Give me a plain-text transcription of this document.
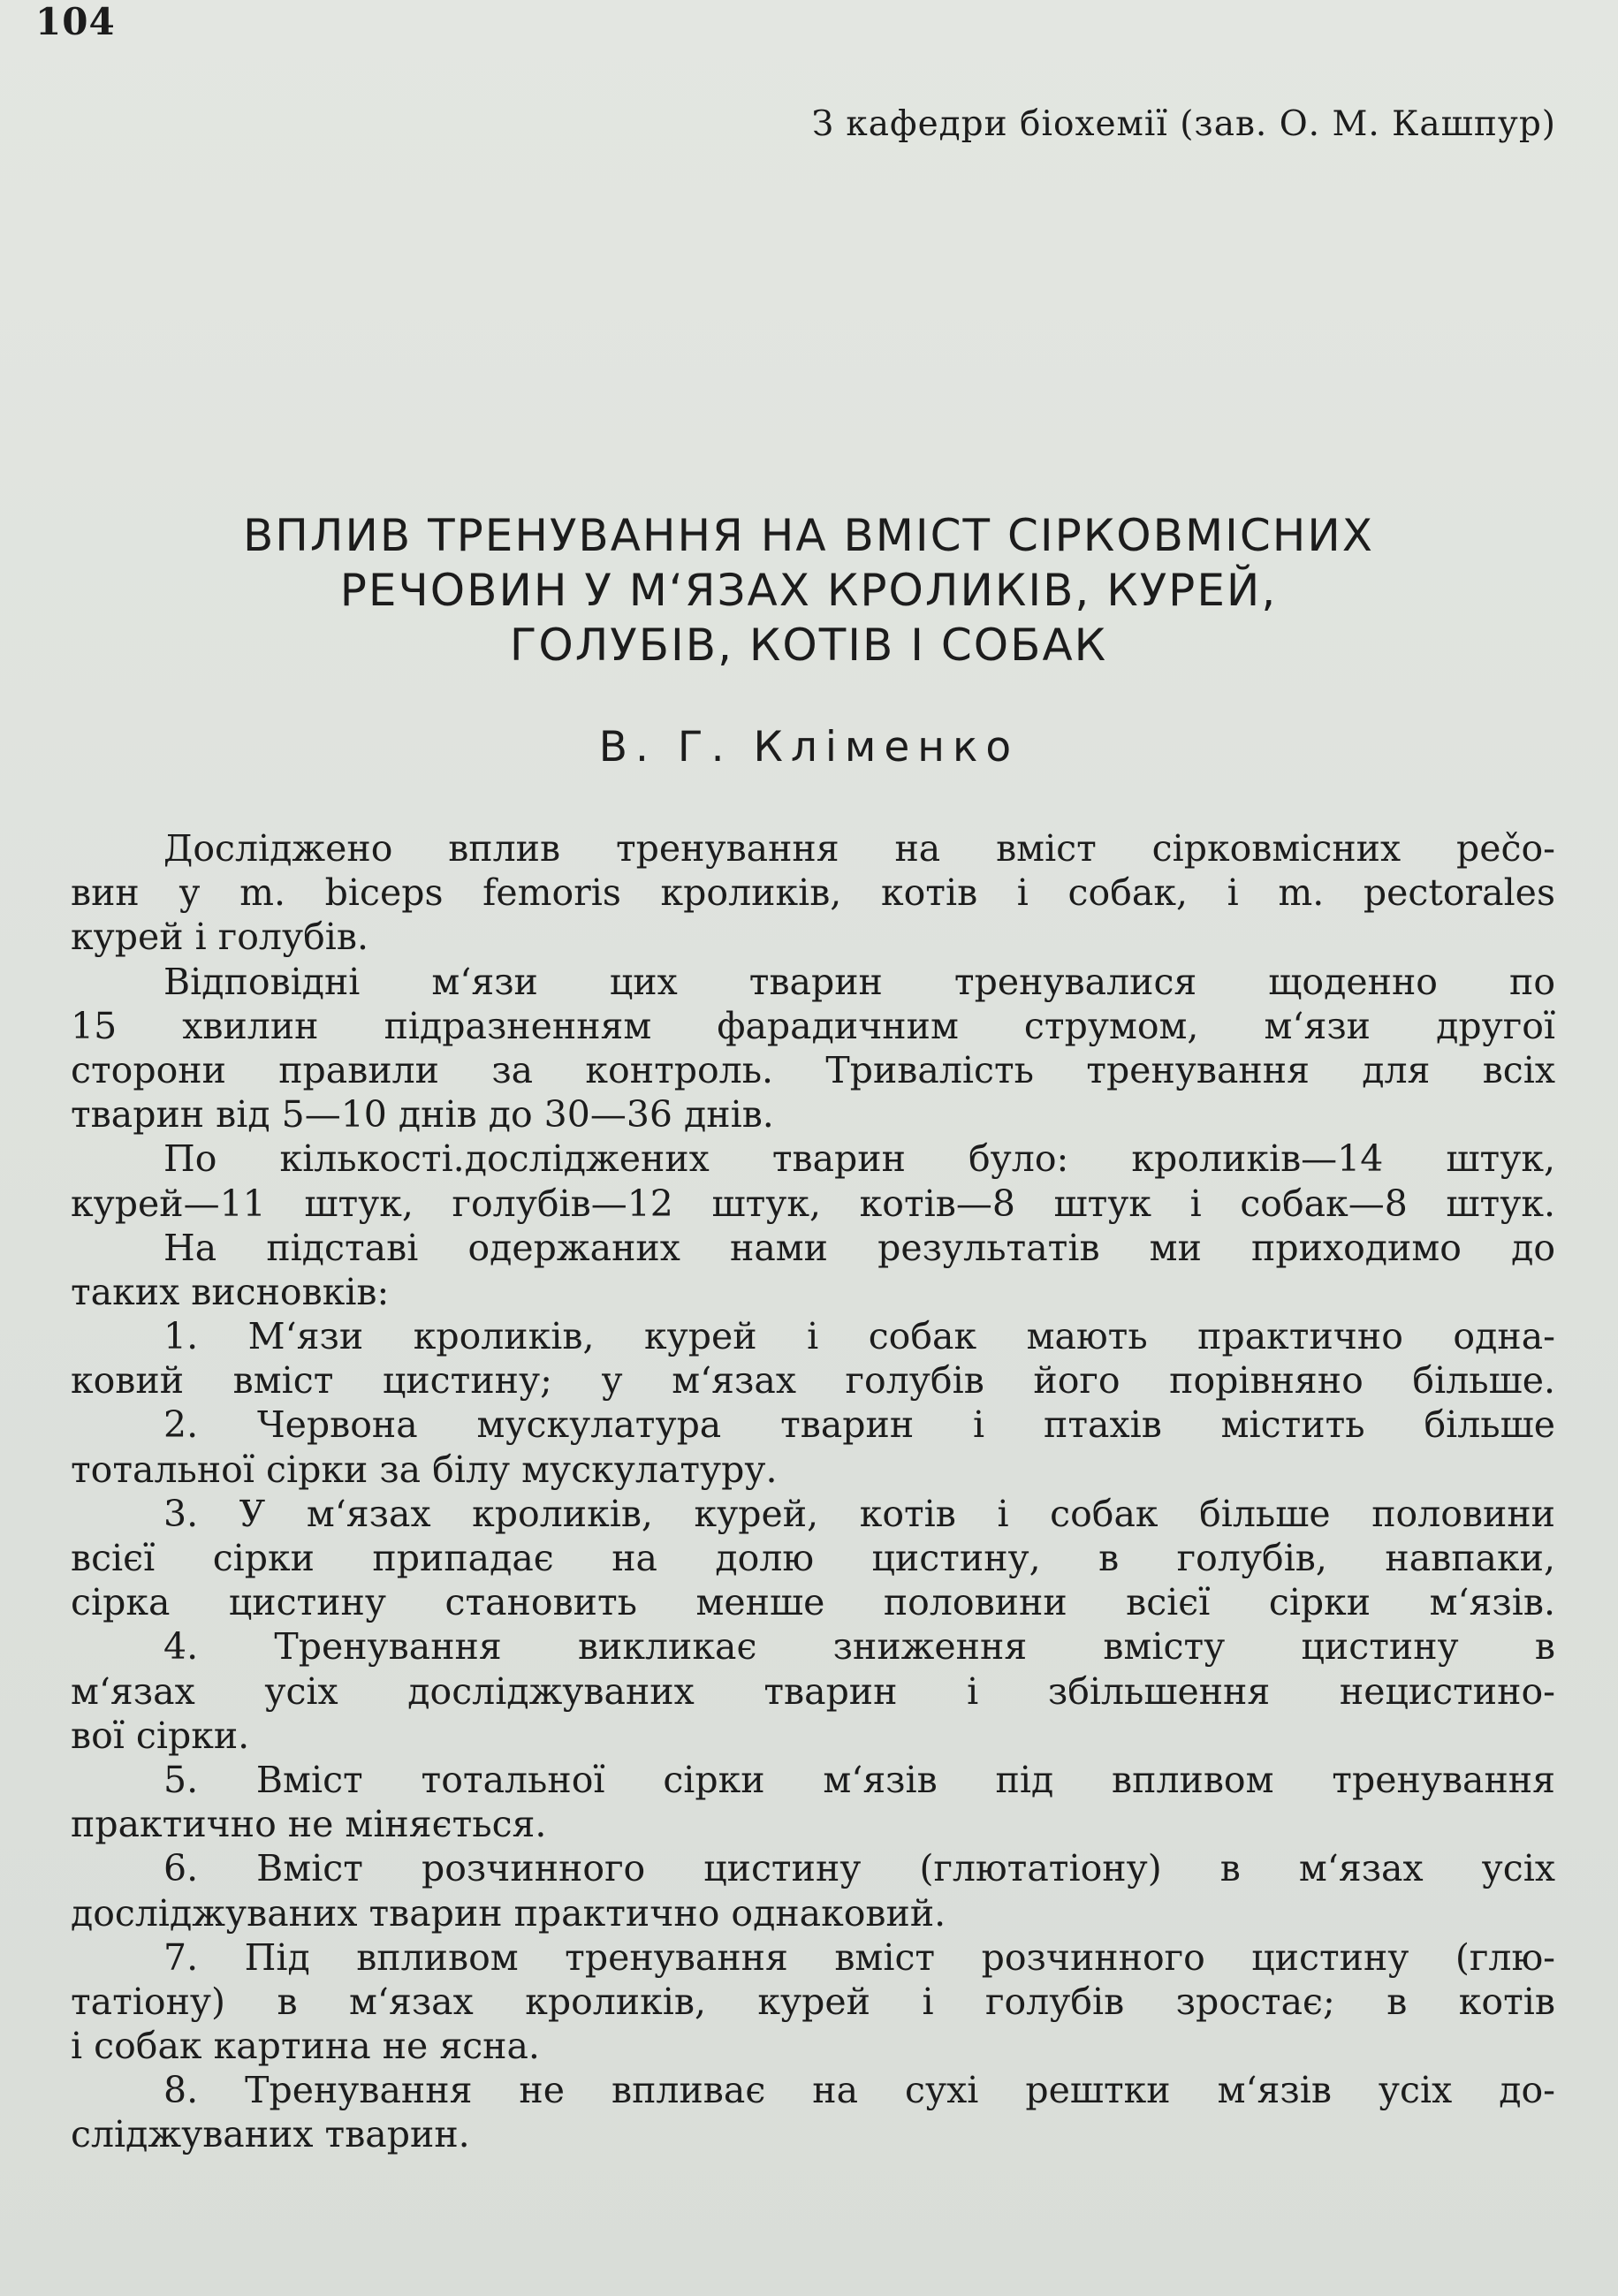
104
З кафедри біохемії (зав. О. М. Кашпур)
ВПЛИВ ТРЕНУВАННЯ НА ВМІСТ СІРКОВМІСНИХ
РЕЧОВИН У М‘ЯЗАХ КРОЛИКІВ, КУРЕЙ,
ГОЛУБІВ, КОТІВ І СОБАК
В. Г. Кліменко
Досліджено вплив тренування на вміст сірковмісних рečo-
вин у m. biceps femoris кроликів, котів і собак, і m. pectorales
курей і голубів.
Відповідні м‘язи цих тварин тренувалися щоденно по
15 хвилин підразненням фарадичним струмом, м‘язи другої
сторони правили за контроль. Тривалість тренування для всіх
тварин від 5—10 днів до 30—36 днів.
По кількості.досліджених тварин було: кроликів—14 штук,
курей—11 штук, голубів—12 штук, котів—8 штук і собак—8 штук.
На підставі одержаних нами результатів ми приходимо до
таких висновків:
1. М‘язи кроликів, курей і собак мають практично одна-
ковий вміст цистину; у м‘язах голубів його порівняно більше.
2. Червона мускулатура тварин і птахів містить більше
тотальної сірки за білу мускулатуру.
3. У м‘язах кроликів, курей, котів і собак більше половини
всієї сірки припадає на долю цистину, в голубів, навпаки,
сірка цистину становить менше половини всієї сірки м‘язів.
4. Тренування викликає зниження вмісту цистину в
м‘язах усіх досліджуваних тварин і збільшення нецистино-
вої сірки.
5. Вміст тотальної сірки м‘язів під впливом тренування
практично не міняється.
6. Вміст розчинного цистину (глютатіону) в м‘язах усіх
досліджуваних тварин практично однаковий.
7. Під впливом тренування вміст розчинного цистину (глю-
татіону) в м‘язах кроликів, курей і голубів зростає; в котів
і собак картина не ясна.
8. Тренування не впливає на сухі рештки м‘язів усіх до-
сліджуваних тварин.
